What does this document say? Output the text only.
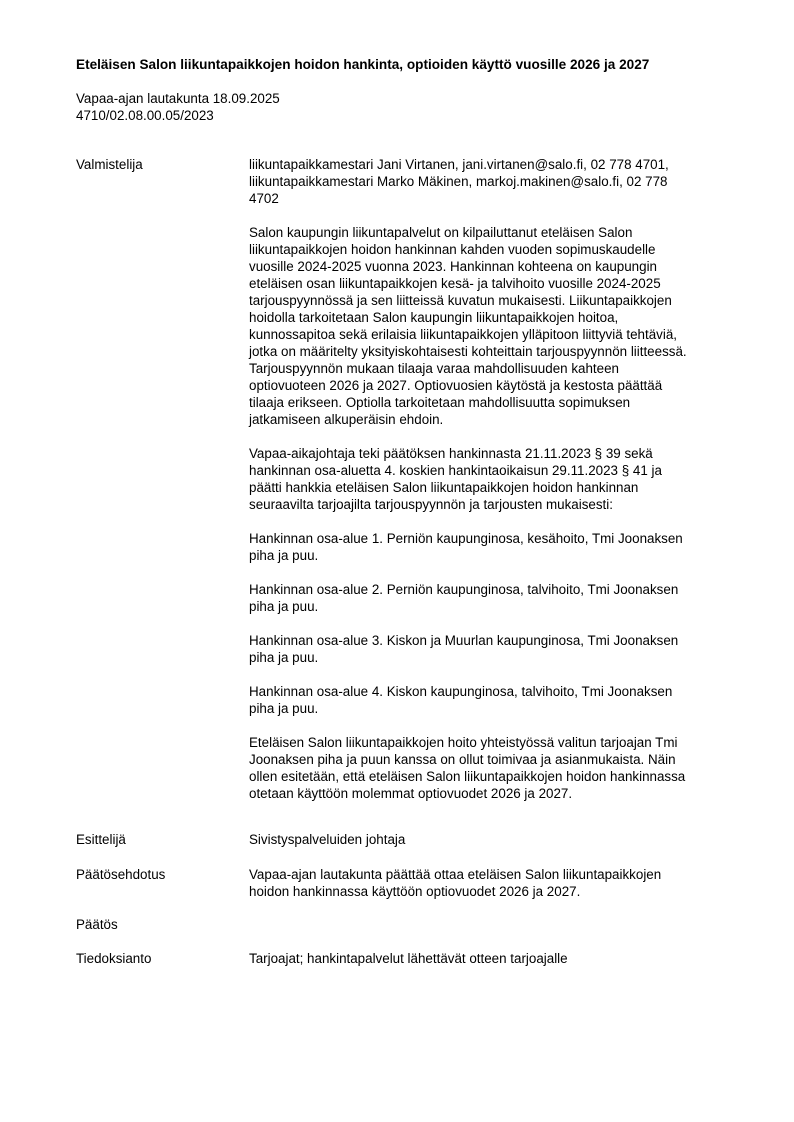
Eteläisen Salon liikuntapaikkojen hoidon hankinta, optioiden käyttö vuosille 2026 ja 2027
Vapaa-ajan lautakunta 18.09.2025
4710/02.08.00.05/2023
Valmistelija	liikuntapaikkamestari Jani Virtanen, jani.virtanen@salo.fi, 02 778 4701,
liikuntapaikkamestari Marko Mäkinen, markoj.makinen@salo.fi, 02 778
4702
Salon kaupungin liikuntapalvelut on kilpailuttanut eteläisen Salon
liikuntapaikkojen hoidon hankinnan kahden vuoden sopimuskaudelle
vuosille 2024-2025 vuonna 2023. Hankinnan kohteena on kaupungin
eteläisen osan liikuntapaikkojen kesä- ja talvihoito vuosille 2024-2025
tarjouspyynnössä ja sen liitteissä kuvatun mukaisesti. Liikuntapaikkojen
hoidolla tarkoitetaan Salon kaupungin liikuntapaikkojen hoitoa,
kunnossapitoa sekä erilaisia liikuntapaikkojen ylläpitoon liittyviä tehtäviä,
jotka on määritelty yksityiskohtaisesti kohteittain tarjouspyynnön liitteessä.
Tarjouspyynnön mukaan tilaaja varaa mahdollisuuden kahteen
optiovuoteen 2026 ja 2027. Optiovuosien käytöstä ja kestosta päättää
tilaaja erikseen. Optiolla tarkoitetaan mahdollisuutta sopimuksen
jatkamiseen alkuperäisin ehdoin.
Vapaa-aikajohtaja teki päätöksen hankinnasta 21.11.2023 § 39 sekä
hankinnan osa-aluetta 4. koskien hankintaoikaisun 29.11.2023 § 41 ja
päätti hankkia eteläisen Salon liikuntapaikkojen hoidon hankinnan
seuraavilta tarjoajilta tarjouspyynnön ja tarjousten mukaisesti:
Hankinnan osa-alue 1. Perniön kaupunginosa, kesähoito, Tmi Joonaksen
piha ja puu.
Hankinnan osa-alue 2. Perniön kaupunginosa, talvihoito, Tmi Joonaksen
piha ja puu.
Hankinnan osa-alue 3. Kiskon ja Muurlan kaupunginosa, Tmi Joonaksen
piha ja puu.
Hankinnan osa-alue 4. Kiskon kaupunginosa, talvihoito, Tmi Joonaksen
piha ja puu.
Eteläisen Salon liikuntapaikkojen hoito yhteistyössä valitun tarjoajan Tmi
Joonaksen piha ja puun kanssa on ollut toimivaa ja asianmukaista. Näin
ollen esitetään, että eteläisen Salon liikuntapaikkojen hoidon hankinnassa
otetaan käyttöön molemmat optiovuodet 2026 ja 2027.
Esittelijä	Sivistyspalveluiden johtaja
Päätösehdotus	Vapaa-ajan lautakunta päättää ottaa eteläisen Salon liikuntapaikkojen
hoidon hankinnassa käyttöön optiovuodet 2026 ja 2027.
Päätös
Tiedoksianto	Tarjoajat; hankintapalvelut lähettävät otteen tarjoajalle
